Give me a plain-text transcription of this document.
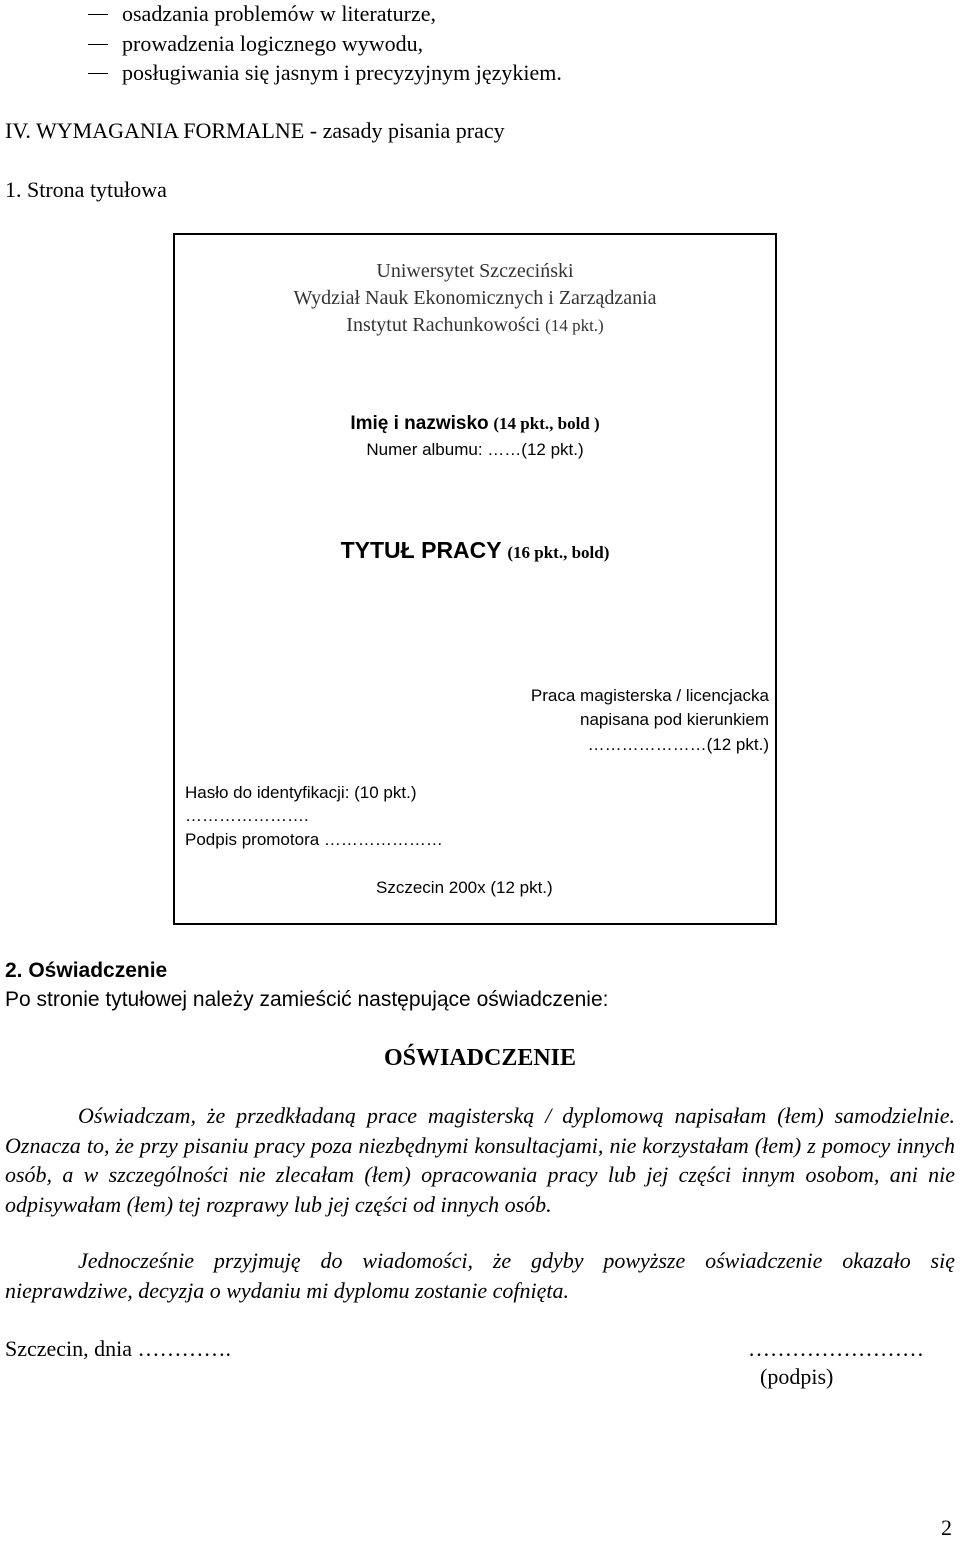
osadzania problemów w literaturze,
prowadzenia logicznego wywodu,
posługiwania się jasnym i precyzyjnym językiem.
IV. WYMAGANIA FORMALNE - zasady pisania pracy
1. Strona tytułowa
Uniwersytet Szczeciński
Wydział Nauk Ekonomicznych i Zarządzania
Instytut Rachunkowości (14 pkt.)
Imię i nazwisko (14 pkt., bold )
Numer albumu: ……(12 pkt.)
TYTUŁ PRACY (16 pkt., bold)
Praca magisterska / licencjacka
napisana pod kierunkiem
…………………(12 pkt.)
Hasło do identyfikacji: (10 pkt.)
………………….
Podpis promotora …………………
Szczecin 200x (12 pkt.)
2. Oświadczenie
Po stronie tytułowej należy zamieścić następujące oświadczenie:
OŚWIADCZENIE
Oświadczam, że przedkładaną prace magisterską / dyplomową napisałam (łem) samodzielnie. Oznacza to, że przy pisaniu pracy poza niezbędnymi konsultacjami, nie korzystałam (łem) z pomocy innych osób, a w szczególności nie zlecałam (łem) opracowania pracy lub jej części innym osobom, ani nie odpisywałam (łem) tej rozprawy lub jej części od innych osób.
Jednocześnie przyjmuję do wiadomości, że gdyby powyższe oświadczenie okazało się nieprawdziwe, decyzja o wydaniu mi dyplomu zostanie cofnięta.
Szczecin, dnia ………….	……………………
(podpis)
2
